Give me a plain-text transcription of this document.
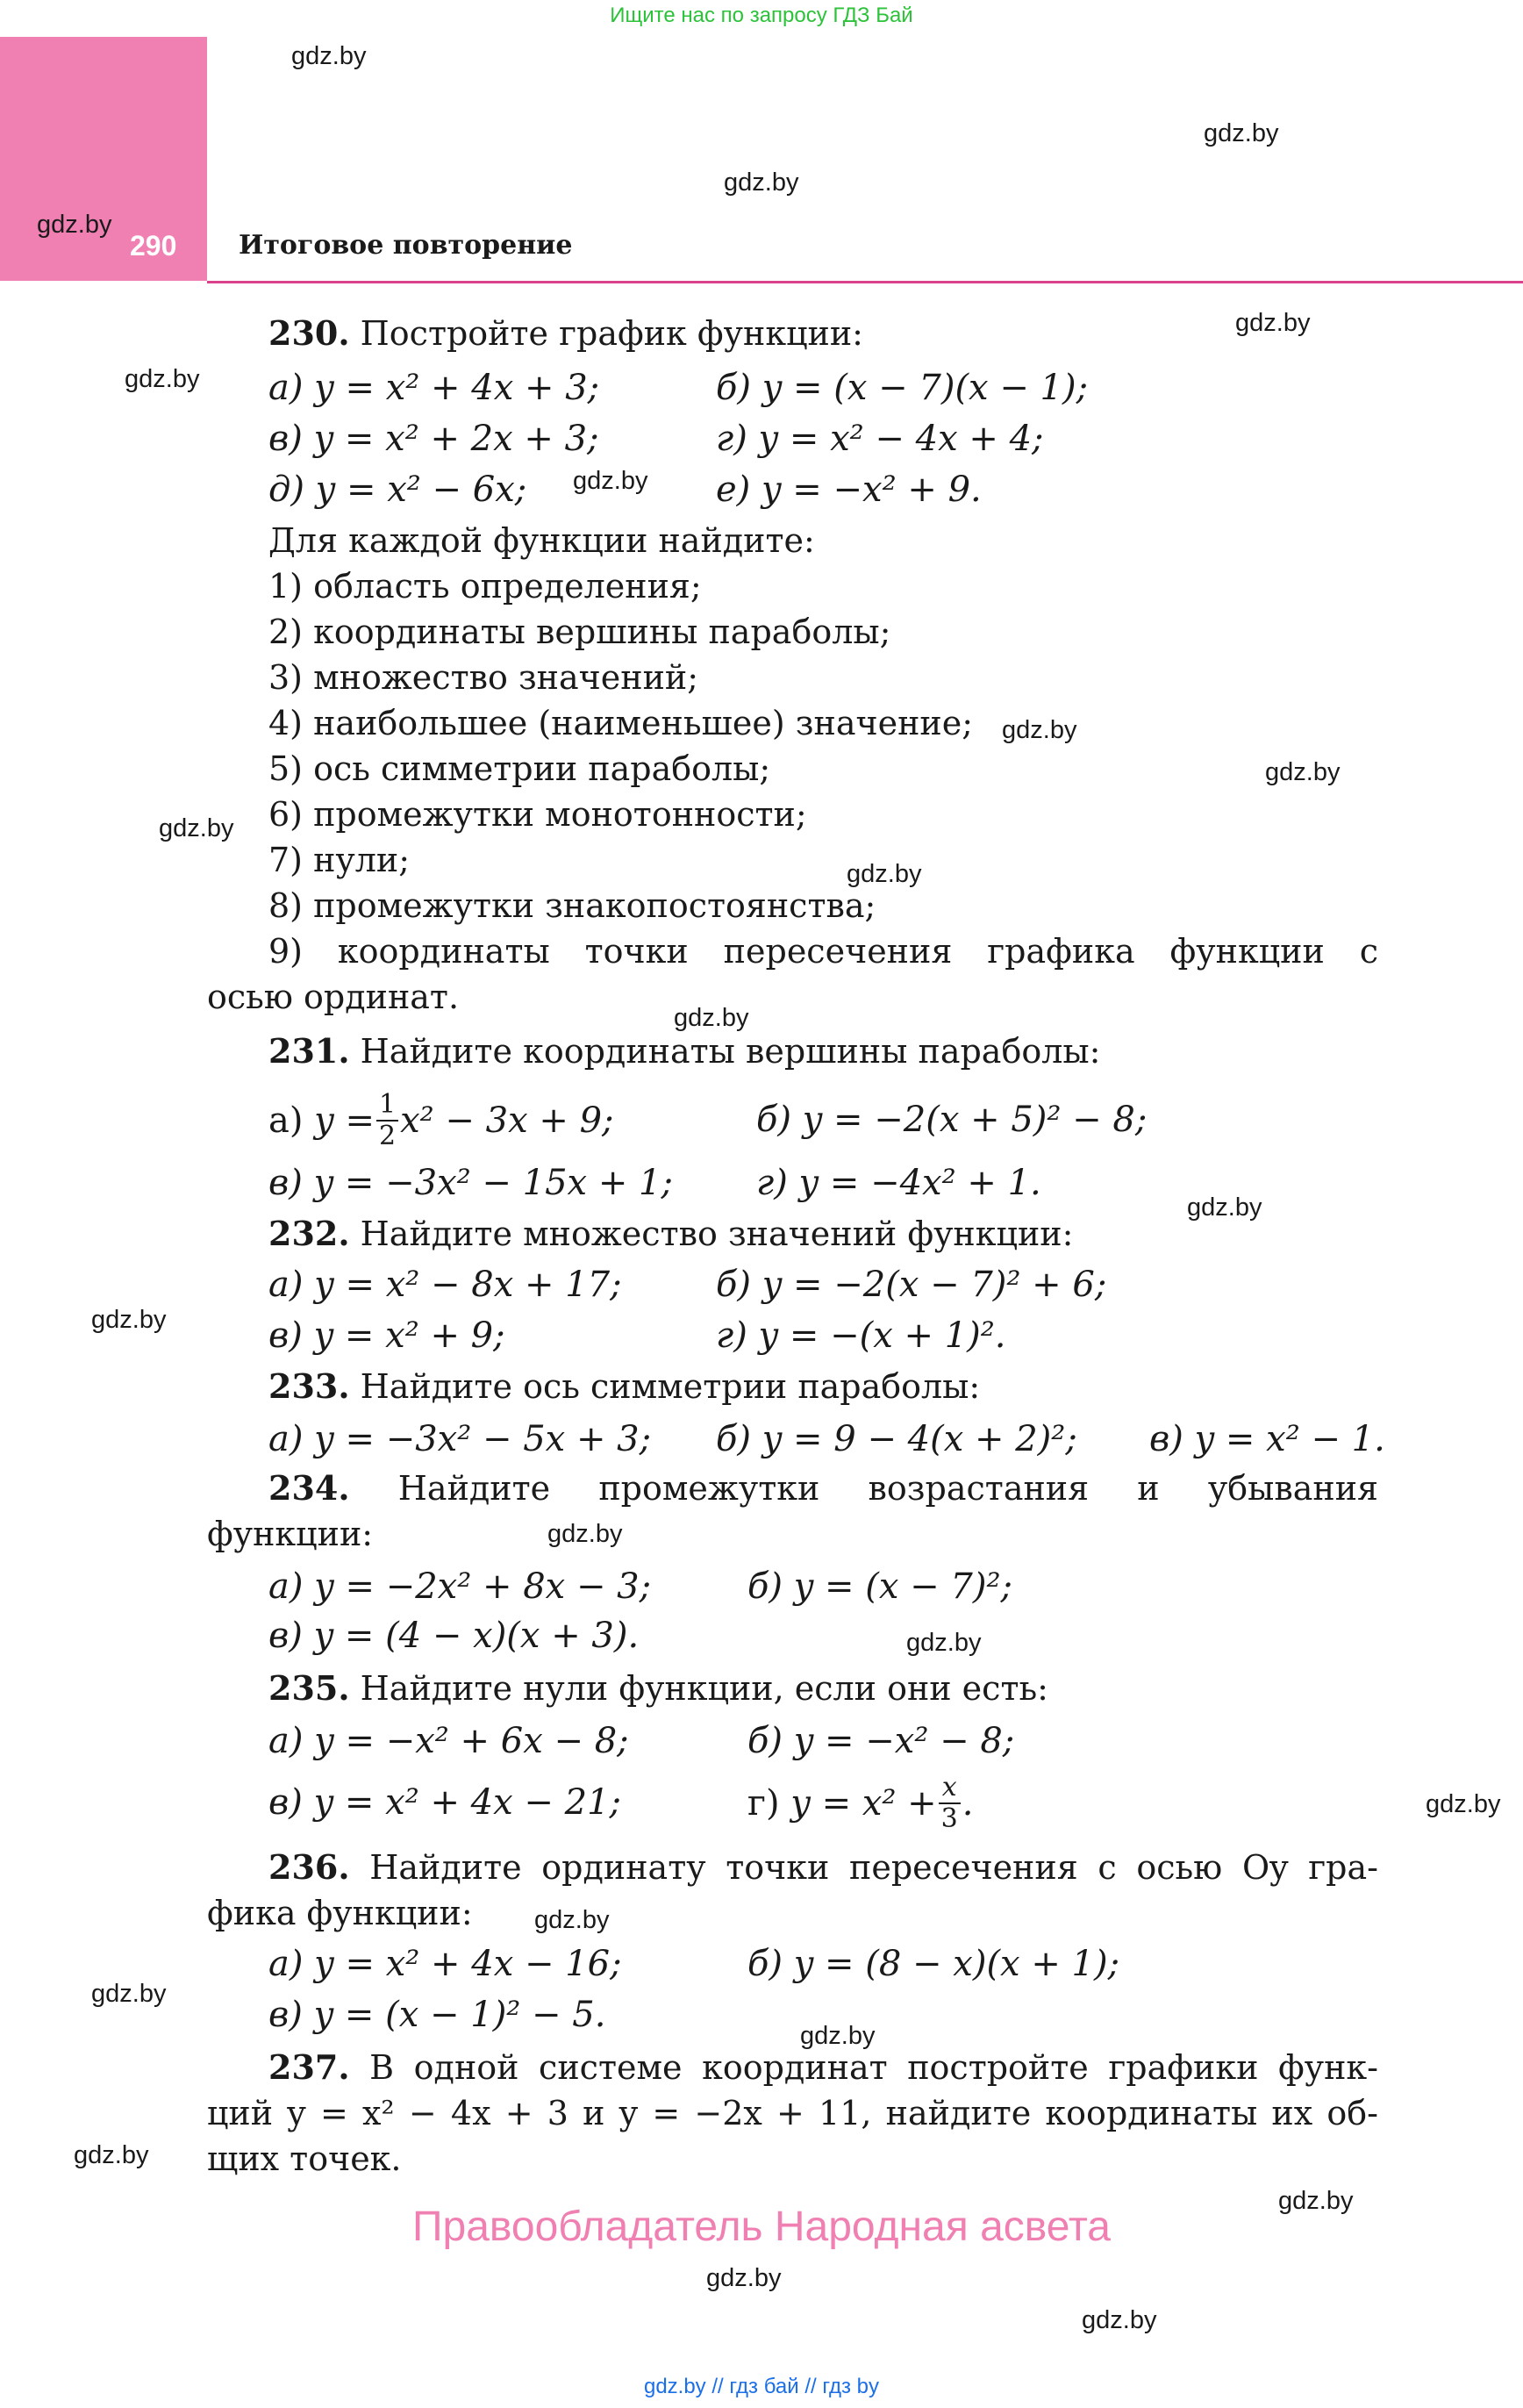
Ищите нас по запросу ГДЗ Бай
290 Итоговое повторение
gdz.by
gdz.by
gdz.by
gdz.by
gdz.by
gdz.by
gdz.by
gdz.by
gdz.by
gdz.by
gdz.by
gdz.by
gdz.by
gdz.by
gdz.by
gdz.by
gdz.by
gdz.by
gdz.by
gdz.by
gdz.by
gdz.by
gdz.by
gdz.by
230. Постройте график функции:
а) y = x² + 4x + 3;	б) y = (x − 7)(x − 1);
в) y = x² + 2x + 3;	г) y = x² − 4x + 4;
д) y = x² − 6x;	е) y = −x² + 9.
Для каждой функции найдите:
1) область определения;
2) координаты вершины параболы;
3) множество значений;
4) наибольшее (наименьшее) значение;
5) ось симметрии параболы;
6) промежутки монотонности;
7) нули;
8) промежутки знакопостоянства;
9) координаты точки пересечения графика функции с
осью ординат.
231. Найдите координаты вершины параболы:
а)
$y = \frac{1}{2} x^2 - 3x + 9$;	б) y = −2(x + 5)² − 8;
в) y = −3x² − 15x + 1; г) y = −4x² + 1.
232. Найдите множество значений функции:
а) y = x² − 8x + 17;	б) y = −2(x − 7)² + 6;
в) y = x² + 9;	г) y = −(x + 1)².
233. Найдите ось симметрии параболы:
а) y = −3x² − 5x + 3; б) y = 9 − 4(x + 2)²; в) y = x² − 1.
234. Найдите промежутки возрастания и убывания
функции:
а) y = −2x² + 8x − 3;	б) y = (x − 7)²;
в) y = (4 − x)(x + 3).
235. Найдите нули функции, если они есть:
а) y = −x² + 6x − 8;	б) y = −x² − 8;
в) y = x² + 4x − 21;	г)
$y = x^2 + \frac{x}{3}$ .
236. Найдите ординату точки пересечения с осью Oy гра-
фика функции:
а) y = x² + 4x − 16;	б) y = (8 − x)(x + 1);
в) y = (x − 1)² − 5.
237. В одной системе координат постройте графики функ-
ций y = x² − 4x + 3 и y = −2x + 11, найдите координаты их об-
щих точек.
Правообладатель Народная асвета
gdz.by // гдз бай // гдз by
